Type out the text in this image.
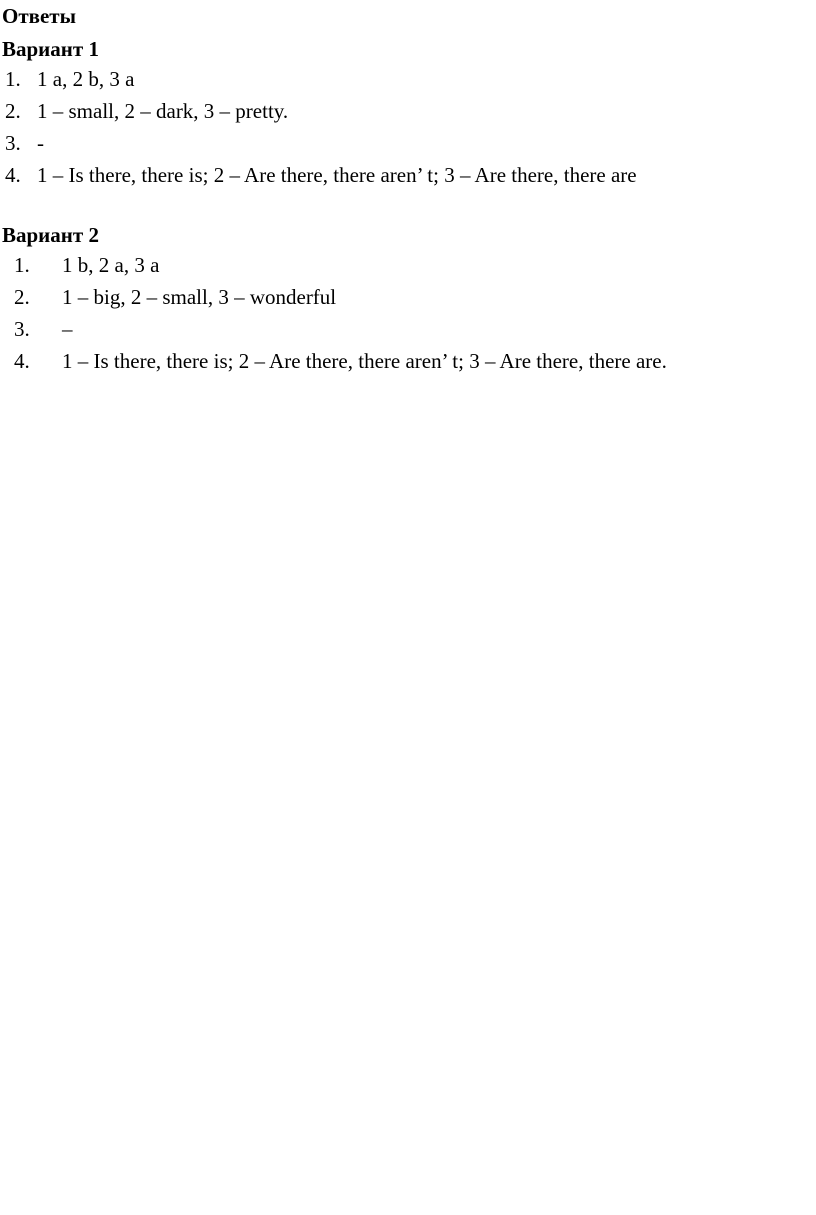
Ответы

Вариант 1

1. 1 a, 2 b, 3 a
2. 1 – small, 2 – dark, 3 – pretty.
3. -
4. 1 – Is there, there is; 2 – Are there, there aren’ t; 3 – Are there, there are

Вариант 2

1.	1 b, 2 a, 3 a
2.	1 – big, 2 – small, 3 – wonderful
3.	–
4.	1 – Is there, there is; 2 – Are there, there aren’ t; 3 – Are there, there are.
